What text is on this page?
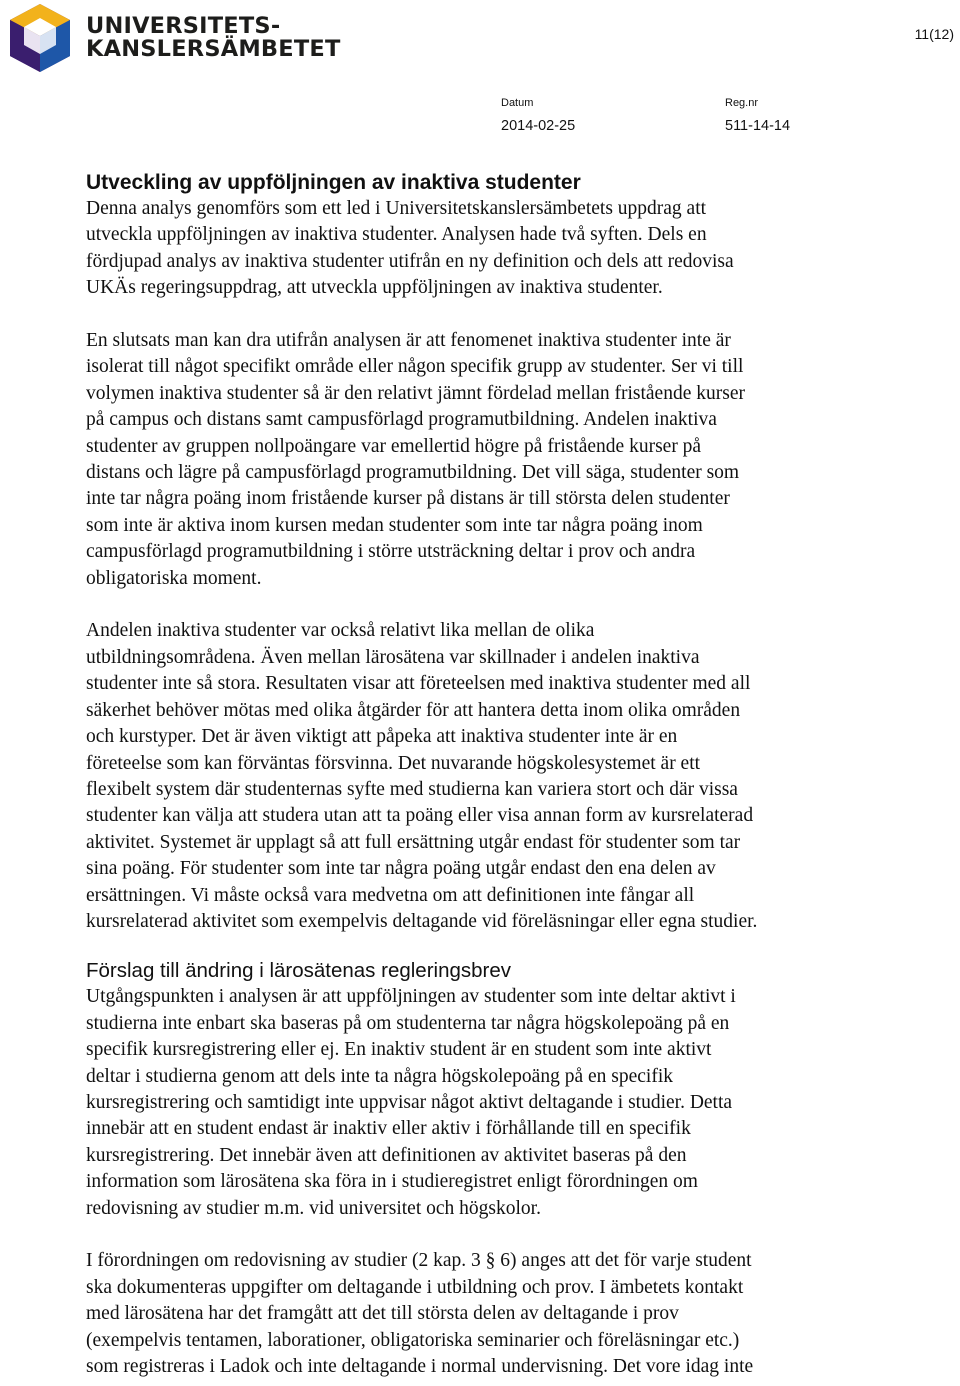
UNIVERSITETS-
KANSLERSÄMBETET
11(12)
Datum
2014-02-25
Reg.nr
511-14-14
Utveckling av uppföljningen av inaktiva studenter

Denna analys genomförs som ett led i Universitetskanslersämbetets uppdrag att
utveckla uppföljningen av inaktiva studenter. Analysen hade två syften. Dels en
fördjupad analys av inaktiva studenter utifrån en ny definition och dels att redovisa
UKÄs regeringsuppdrag, att utveckla uppföljningen av inaktiva studenter.

En slutsats man kan dra utifrån analysen är att fenomenet inaktiva studenter inte är
isolerat till något specifikt område eller någon specifik grupp av studenter. Ser vi till
volymen inaktiva studenter så är den relativt jämnt fördelad mellan fristående kurser
på campus och distans samt campusförlagd programutbildning. Andelen inaktiva
studenter av gruppen nollpoängare var emellertid högre på fristående kurser på
distans och lägre på campusförlagd programutbildning. Det vill säga, studenter som
inte tar några poäng inom fristående kurser på distans är till största delen studenter
som inte är aktiva inom kursen medan studenter som inte tar några poäng inom
campusförlagd programutbildning i större utsträckning deltar i prov och andra
obligatoriska moment.

Andelen inaktiva studenter var också relativt lika mellan de olika
utbildningsområdena. Även mellan lärosätena var skillnader i andelen inaktiva
studenter inte så stora. Resultaten visar att företeelsen med inaktiva studenter med all
säkerhet behöver mötas med olika åtgärder för att hantera detta inom olika områden
och kurstyper. Det är även viktigt att påpeka att inaktiva studenter inte är en
företeelse som kan förväntas försvinna. Det nuvarande högskolesystemet är ett
flexibelt system där studenternas syfte med studierna kan variera stort och där vissa
studenter kan välja att studera utan att ta poäng eller visa annan form av kursrelaterad
aktivitet. Systemet är upplagt så att full ersättning utgår endast för studenter som tar
sina poäng. För studenter som inte tar några poäng utgår endast den ena delen av
ersättningen. Vi måste också vara medvetna om att definitionen inte fångar all
kursrelaterad aktivitet som exempelvis deltagande vid föreläsningar eller egna studier.

Förslag till ändring i lärosätenas regleringsbrev

Utgångspunkten i analysen är att uppföljningen av studenter som inte deltar aktivt i
studierna inte enbart ska baseras på om studenterna tar några högskolepoäng på en
specifik kursregistrering eller ej. En inaktiv student är en student som inte aktivt
deltar i studierna genom att dels inte ta några högskolepoäng på en specifik
kursregistrering och samtidigt inte uppvisar något aktivt deltagande i studier. Detta
innebär att en student endast är inaktiv eller aktiv i förhållande till en specifik
kursregistrering. Det innebär även att definitionen av aktivitet baseras på den
information som lärosätena ska föra in i studieregistret enligt förordningen om
redovisning av studier m.m. vid universitet och högskolor.

I förordningen om redovisning av studier (2 kap. 3 § 6) anges att det för varje student
ska dokumenteras uppgifter om deltagande i utbildning och prov. I ämbetets kontakt
med lärosätena har det framgått att det till största delen av deltagande i prov
(exempelvis tentamen, laborationer, obligatoriska seminarier och föreläsningar etc.)
som registreras i Ladok och inte deltagande i normal undervisning. Det vore idag inte
